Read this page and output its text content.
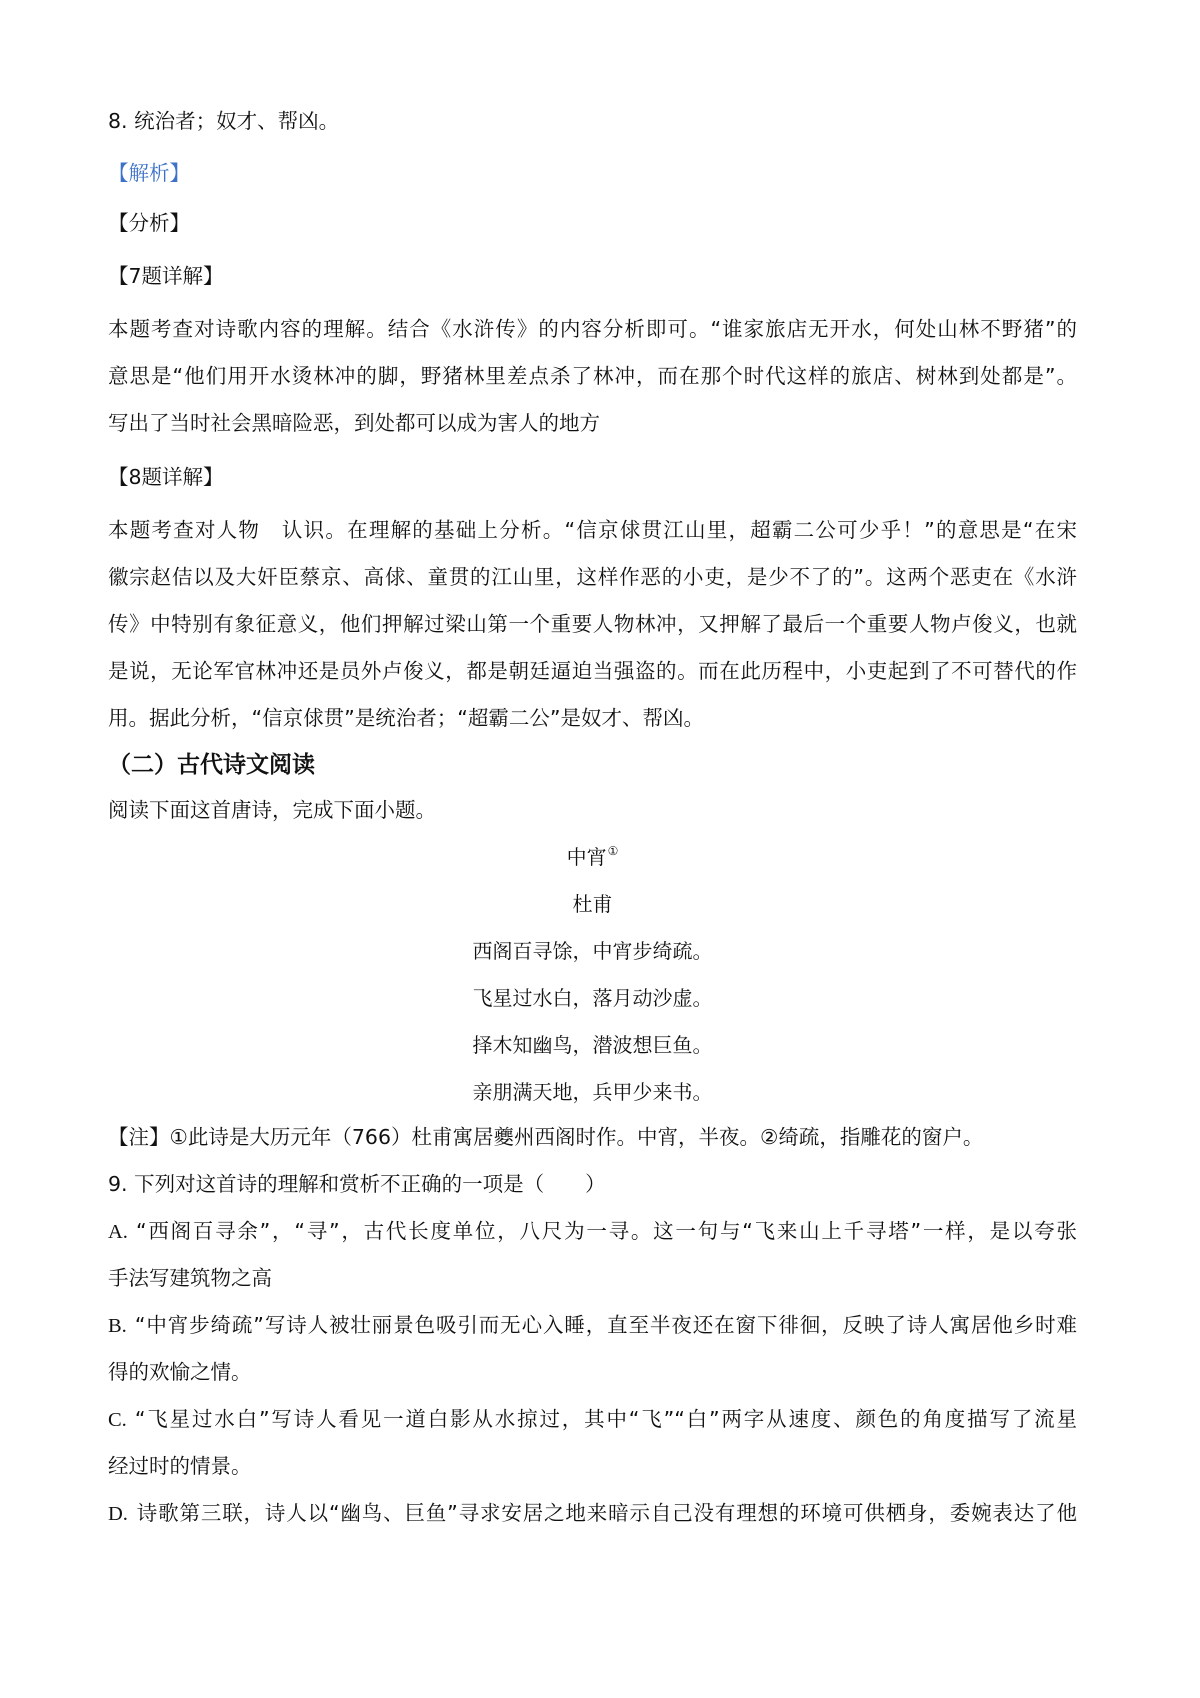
8. 统治者；奴才、帮凶。
【解析】
【分析】
【7题详解】
本题考查对诗歌内容的理解。结合《水浒传》的内容分析即可。“谁家旅店无开水，何处山林不野猪”的
意思是“他们用开水烫林冲的脚，野猪林里差点杀了林冲，而在那个时代这样的旅店、树林到处都是”。
写出了当时社会黑暗险恶，到处都可以成为害人的地方
【8题详解】
本题考查对人物　认识。在理解的基础上分析。“信京俅贯江山里，超霸二公可少乎！”的意思是“在宋
徽宗赵佶以及大奸臣蔡京、高俅、童贯的江山里，这样作恶的小吏，是少不了的”。这两个恶吏在《水浒
传》中特别有象征意义，他们押解过梁山第一个重要人物林冲，又押解了最后一个重要人物卢俊义，也就
是说，无论军官林冲还是员外卢俊义，都是朝廷逼迫当强盗的。而在此历程中，小吏起到了不可替代的作
用。据此分析，“信京俅贯”是统治者；“超霸二公”是奴才、帮凶。
（二）古代诗文阅读
阅读下面这首唐诗，完成下面小题。
中宵①
杜甫
西阁百寻馀，中宵步绮疏。
飞星过水白，落月动沙虚。
择木知幽鸟，潜波想巨鱼。
亲朋满天地，兵甲少来书。
【注】①此诗是大历元年（766）杜甫寓居夔州西阁时作。中宵，半夜。②绮疏，指雕花的窗户。
9. 下列对这首诗的理解和赏析不正确的一项是（　　）
A. “西阁百寻余”，“寻”，古代长度单位，八尺为一寻。这一句与“飞来山上千寻塔”一样，是以夸张
手法写建筑物之高
B. “中宵步绮疏”写诗人被壮丽景色吸引而无心入睡，直至半夜还在窗下徘徊，反映了诗人寓居他乡时难
得的欢愉之情。
C. “飞星过水白”写诗人看见一道白影从水掠过，其中“飞”“白”两字从速度、颜色的角度描写了流星
经过时的情景。
D. 诗歌第三联，诗人以“幽鸟、巨鱼”寻求安居之地来暗示自己没有理想的环境可供栖身，委婉表达了他
